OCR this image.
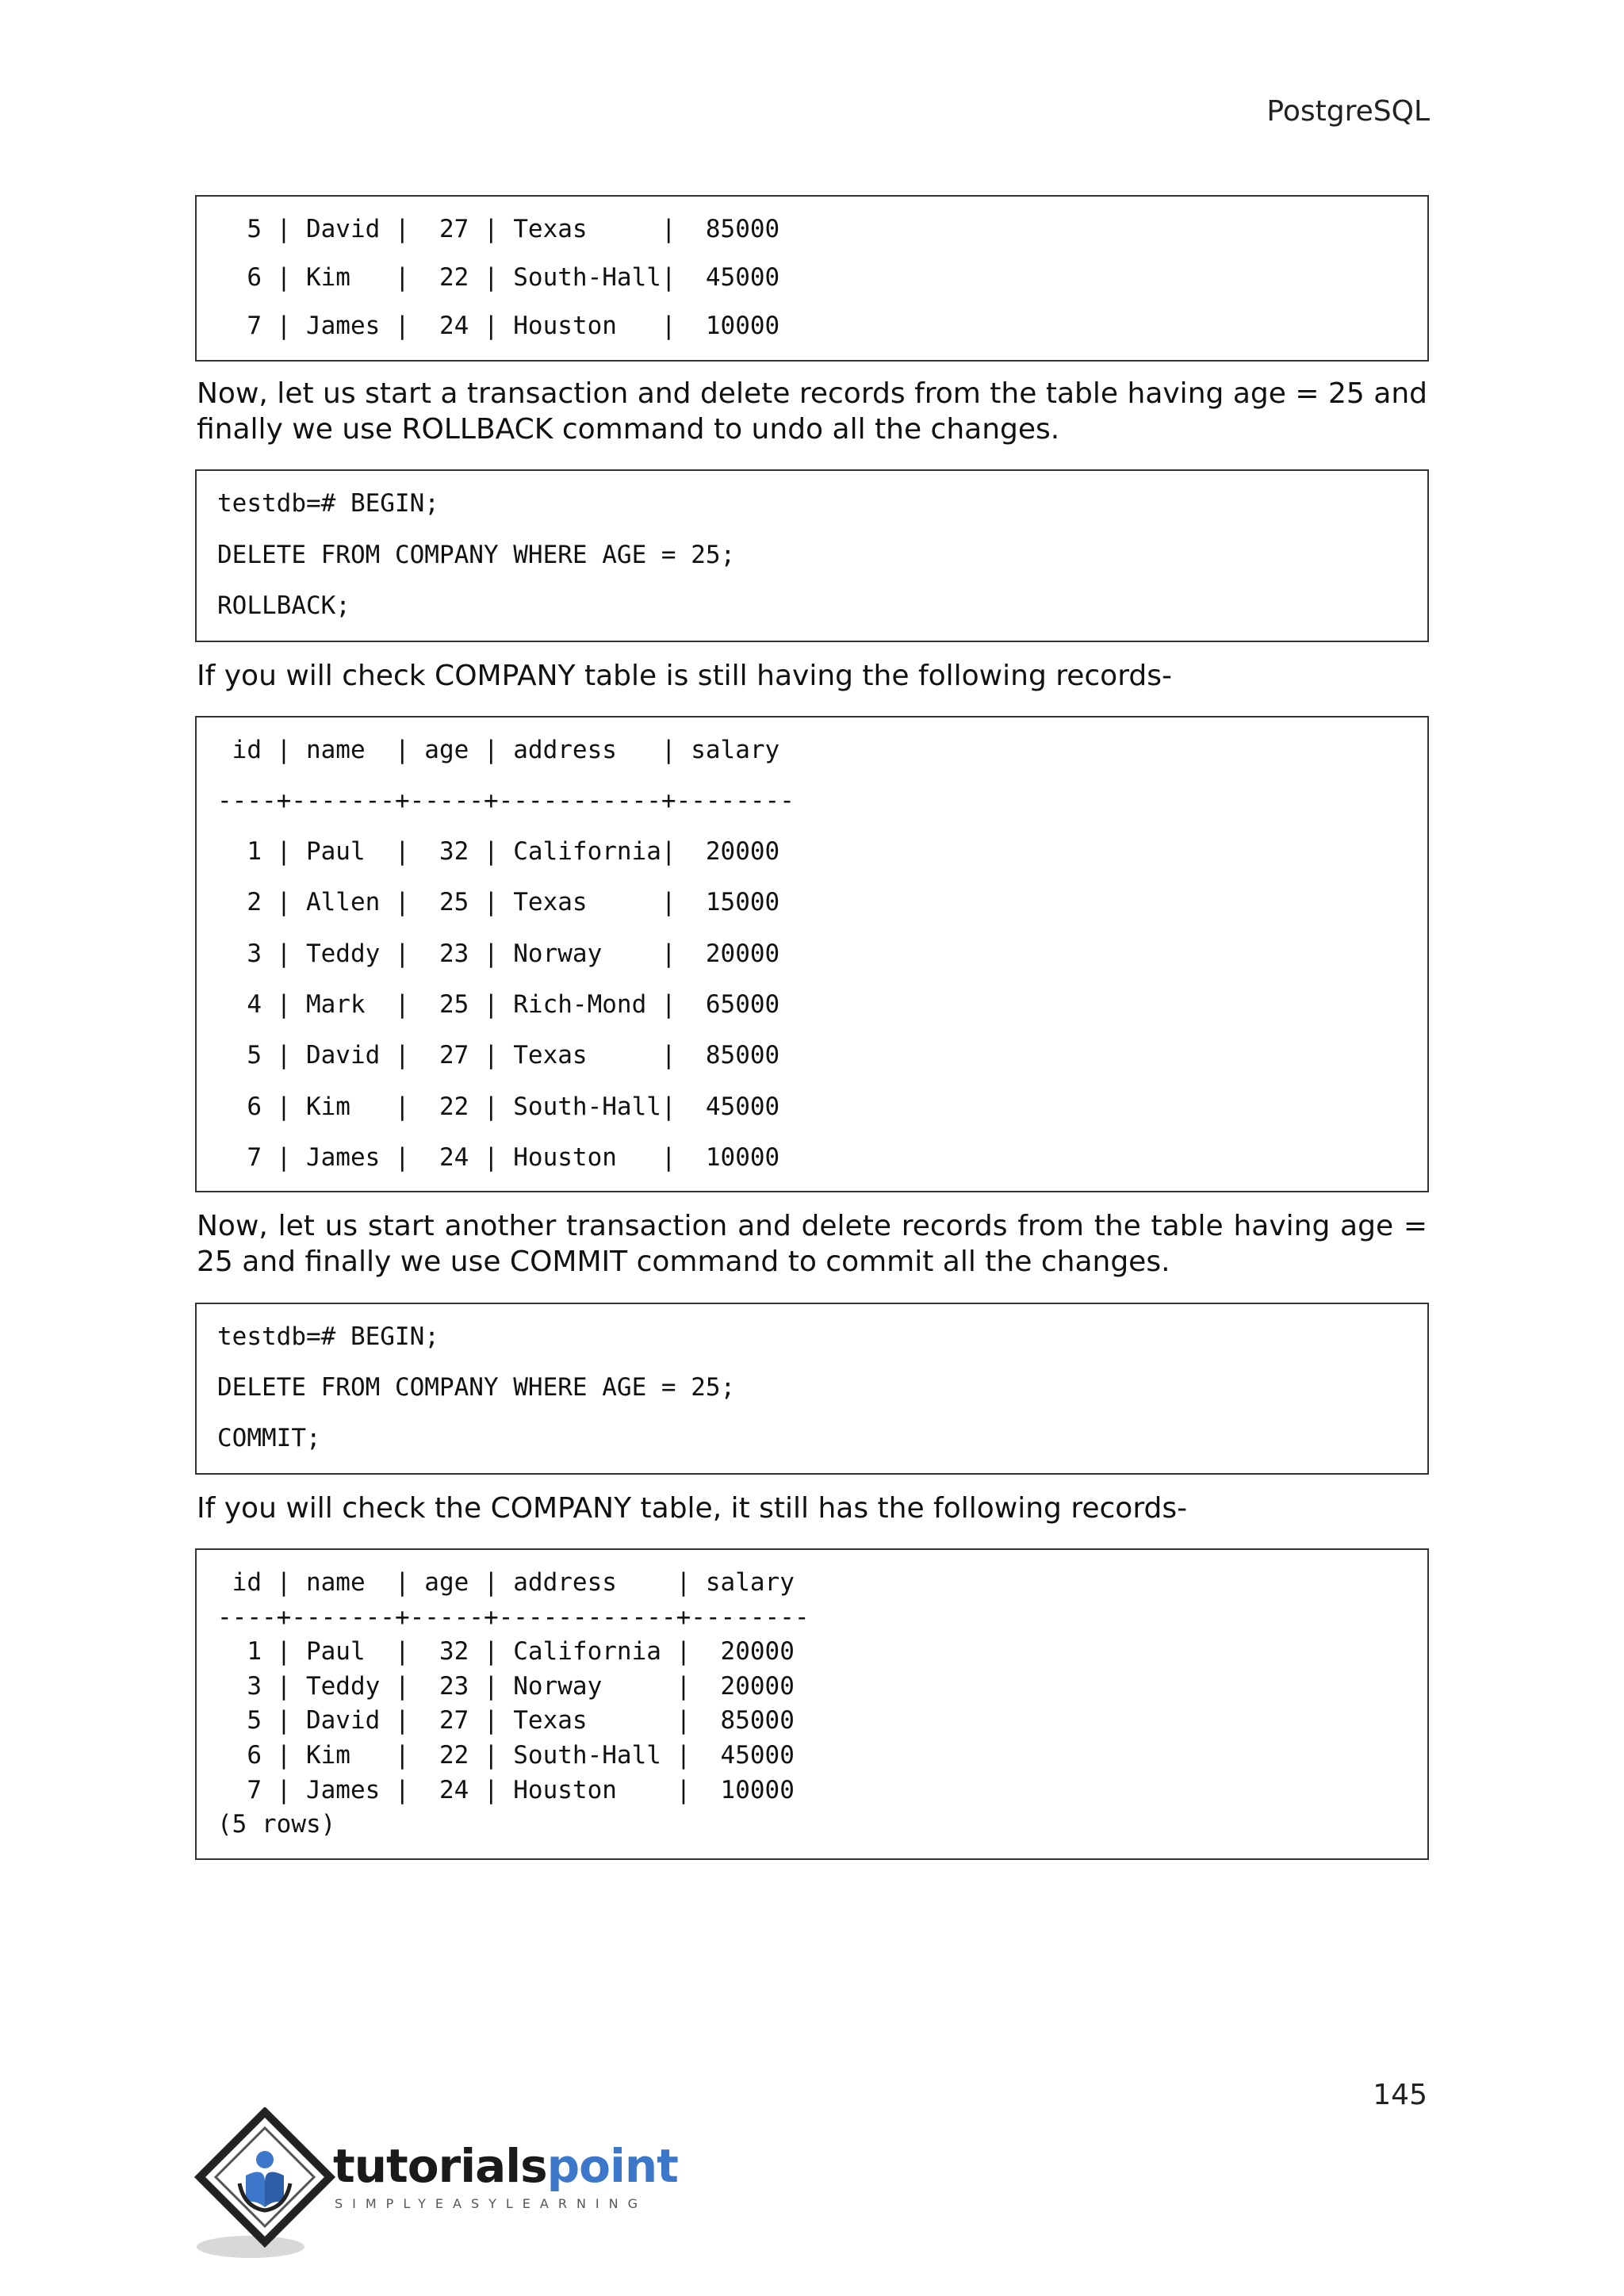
PostgreSQL
5 | David |  27 | Texas     |  85000
6 | Kim   |  22 | South-Hall|  45000
7 | James |  24 | Houston   |  10000
Now, let us start a transaction and delete records from the table having age = 25 and finally we use ROLLBACK command to undo all the changes.
testdb=# BEGIN;
DELETE FROM COMPANY WHERE AGE = 25;
ROLLBACK;
If you will check COMPANY table is still having the following records-
id | name  | age | address   | salary
----+-------+-----+-----------+--------
1 | Paul  |  32 | California|  20000
2 | Allen |  25 | Texas     |  15000
3 | Teddy |  23 | Norway    |  20000
4 | Mark  |  25 | Rich-Mond |  65000
5 | David |  27 | Texas     |  85000
6 | Kim   |  22 | South-Hall|  45000
7 | James |  24 | Houston   |  10000
Now, let us start another transaction and delete records from the table having age = 25 and finally we use COMMIT command to commit all the changes.
testdb=# BEGIN;
DELETE FROM COMPANY WHERE AGE = 25;
COMMIT;
If you will check the COMPANY table, it still has the following records-
id | name  | age | address    | salary
----+-------+-----+------------+--------
1 | Paul  |  32 | California |  20000
3 | Teddy |  23 | Norway     |  20000
5 | David |  27 | Texas      |  85000
6 | Kim   |  22 | South-Hall |  45000
7 | James |  24 | Houston    |  10000
(5 rows)
145
tutorialspoint
SIMPLYEASYLEARNING
